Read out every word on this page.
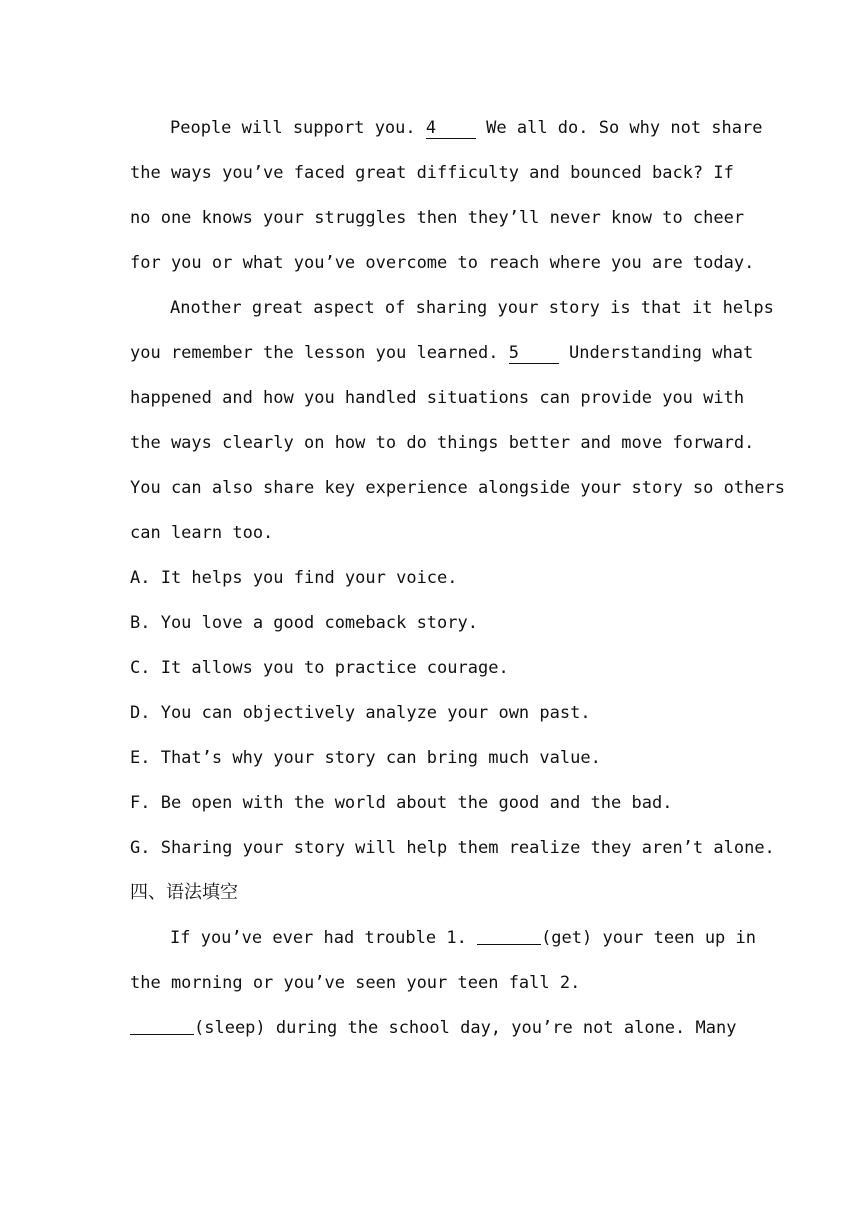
People will support you. 4	We all do. So why not share
the ways you’ve faced great difficulty and bounced back? If
no one knows your struggles then they’ll never know to cheer
for you or what you’ve overcome to reach where you are today.
Another great aspect of sharing your story is that it helps
you remember the lesson you learned. 5	Understanding what
happened and how you handled situations can provide you with
the ways clearly on how to do things better and move forward.
You can also share key experience alongside your story so others
can learn too.
A. It helps you find your voice.
B. You love a good comeback story.
C. It allows you to practice courage.
D. You can objectively analyze your own past.
E. That’s why your story can bring much value.
F. Be open with the world about the good and the bad.
G. Sharing your story will help them realize they aren’t alone.
四、语法填空
If you’ve ever had trouble 1.	(get) your teen up in
the morning or you’ve seen your teen fall 2.
(sleep) during the school day, you’re not alone. Many
